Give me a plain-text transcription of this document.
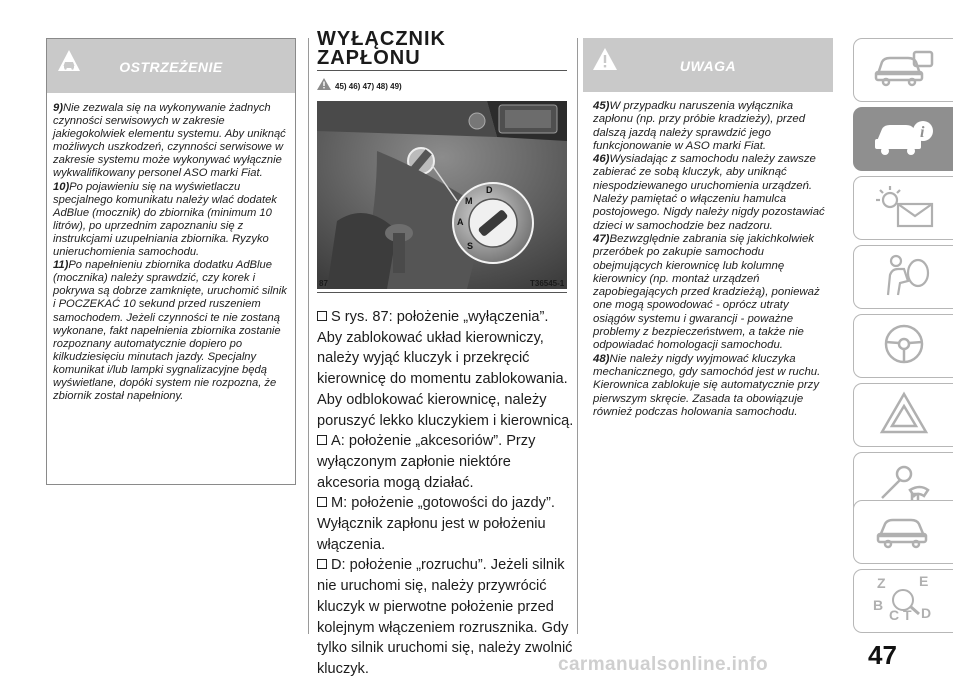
OSTRZEŻENIE

9)Nie zezwala się na wykonywanie żadnych czynności serwisowych w zakresie jakiegokolwiek elementu systemu. Aby uniknąć możliwych uszkodzeń, czynności serwisowe w zakresie systemu może wykonywać wyłącznie wykwalifikowany personel ASO marki Fiat.

10)Po pojawieniu się na wyświetlaczu specjalnego komunikatu należy wlać dodatek AdBlue (mocznik) do zbiornika (minimum 10 litrów), po uprzednim zapoznaniu się z instrukcjami uzupełniania zbiornika. Ryzyko unieruchomienia samochodu.

11)Po napełnieniu zbiornika dodatku AdBlue (mocznika) należy sprawdzić, czy korek i pokrywa są dobrze zamknięte, uruchomić silnik i POCZEKAĆ 10 sekund przed ruszeniem samochodem. Jeżeli czynności te nie zostaną wykonane, fakt napełnienia zbiornika zostanie rozpoznany automatycznie dopiero po kilkudziesięciu minutach jazdy. Specjalny komunikat i/lub lampki sygnalizacyjne będą wyświetlane, dopóki system nie rozpozna, że zbiornik został napełniony.

WYŁĄCZNIK
ZAPŁONU
45) 46) 47) 48) 49)
D
M
A
S
87	T36545-1

S rys. 87: położenie „wyłączenia”. Aby zablokować układ kierowniczy, należy wyjąć kluczyk i przekręcić kierownicę do momentu zablokowania. Aby odblokować kierownicę, należy poruszyć lekko kluczykiem i kierownicą.

A: położenie „akcesoriów”. Przy wyłączonym zapłonie niektóre akcesoria mogą działać.

M: położenie „gotowości do jazdy”. Wyłącznik zapłonu jest w położeniu włączenia.

D: położenie „rozruchu”. Jeżeli silnik nie uruchomi się, należy przywrócić kluczyk w pierwotne położenie przed kolejnym włączeniem rozrusznika. Gdy tylko silnik uruchomi się, należy zwolnić kluczyk.

UWAGA

45)W przypadku naruszenia wyłącznika zapłonu (np. przy próbie kradzieży), przed dalszą jazdą należy sprawdzić jego funkcjonowanie w ASO marki Fiat.

46)Wysiadając z samochodu należy zawsze zabierać ze sobą kluczyk, aby uniknąć niespodziewanego uruchomienia urządzeń. Należy pamiętać o włączeniu hamulca postojowego. Nigdy należy nigdy pozostawiać dzieci w samochodzie bez nadzoru.

47)Bezwzględnie zabrania się jakichkolwiek przeróbek po zakupie samochodu obejmujących kierownicę lub kolumnę kierownicy (np. montaż urządzeń zapobiegających przed kradzieżą), ponieważ one mogą spowodować - oprócz utraty osiągów systemu i gwarancji - poważne problemy z bezpieczeństwem, a także nie odpowiadać homologacji samochodu.

48)Nie należy nigdy wyjmować kluczyka mechanicznego, gdy samochód jest w ruchu. Kierownica zablokuje się automatycznie przy pierwszym skręcie. Zasada ta obowiązuje również podczas holowania samochodu.

i
Z E
B
C T D
47
carmanualsonline.info
